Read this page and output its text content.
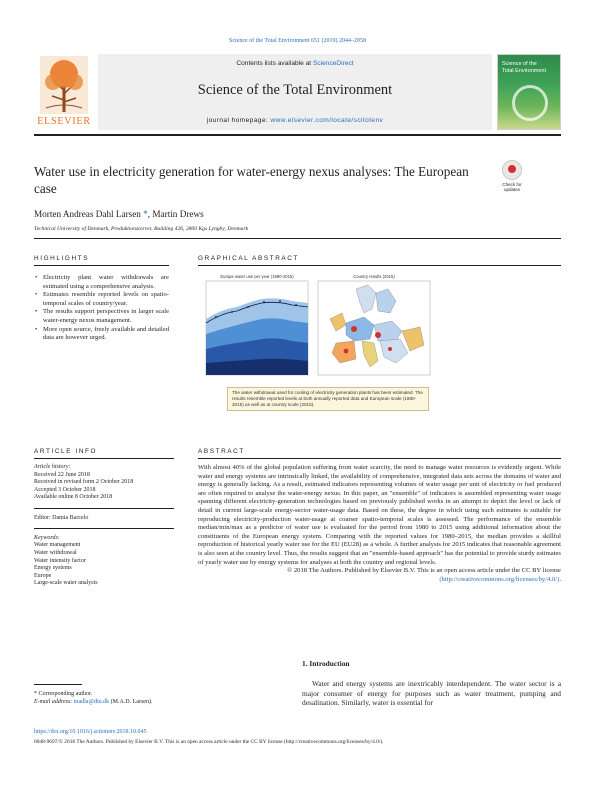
Science of the Total Environment 651 (2019) 2044–2058
ELSEVIER
Contents lists available at ScienceDirect
Science of the Total Environment
journal homepage: www.elsevier.com/locate/scitotenv
Science of the
Total Environment
Water use in electricity generation for water-energy nexus analyses: The European case	Check for
updates
Morten Andreas Dahl Larsen *, Martin Drews
Technical University of Denmark, Produktionstorvet, Building 426, 2800 Kgs Lyngby, Denmark
HIGHLIGHTS
• Electricity plant water withdrawals are estimated using a comprehensive analysis.
• Estimates resemble reported levels on spatio-temporal scales of country/year.
• The results support perspectives in larger scale water-energy nexus management.
• More open source, freely available and detailed data are however urged.
GRAPHICAL ABSTRACT
Europe water use per year (1980-2015)	Country results (2015)
The water withdrawal used for cooling of electricity generation plants has been estimated. The results resemble reported levels at both annually reported data and European scale (1980-2015) as well as at country scale (2015).
ARTICLE INFO
Article history:
Received 22 June 2018
Received in revised form 2 October 2018
Accepted 3 October 2018
Available online 8 October 2018
Editor: Damia Barcelo
Keywords:
Water management
Water withdrawal
Water intensity factor
Energy systems
Europe
Large-scale water analysis
ABSTRACT
With almost 40% of the global population suffering from water scarcity, the need to manage water resources is evidently urgent. While water and energy systems are intrinsically linked, the availability of comprehensive, integrated data sets across the domains of water and energy is generally lacking. As a result, estimated indicators representing volumes of water usage per unit of electricity or fuel produced are often required to analyse the water-energy nexus. In this paper, an "ensemble" of indicators is assembled representing water usage spanning different electricity-generation technologies based on previously published works in an attempt to depict the level or lack of detail in current large-scale energy-sector water-usage data. Based on these, the degree in which using such estimates is suitable for reproducing electricity-production water-usage at coarser spatio-temporal scales is assessed. The performance of the ensemble median/min/max as a predictor of water use is evaluated for the period from 1980 to 2015 using additional information about the constituents of the European energy system. Comparing with the reported values for 1980–2015, the median provides a skillful reproduction of historical yearly water use for the EU (EU28) as a whole. A further analysis for 2015 indicates that reasonable agreement is also seen at the country level. Thus, the results suggest that an "ensemble-based approach" has the potential to provide sturdy estimates of yearly water use by energy systems for analyses at both the country and regional levels.
© 2018 The Authors. Published by Elsevier B.V. This is an open access article under the CC BY license (http://creativecommons.org/licenses/by/4.0/).
1. Introduction
Water and energy systems are inextricably interdependent. The water sector is a major consumer of energy for purposes such as water treatment, pumping and desalination. Similarly, water is essential for
* Corresponding author.
E-mail address: madla@dtu.dk (M.A.D. Larsen).
https://doi.org/10.1016/j.scitotenv.2018.10.045
0048-9697/© 2018 The Authors. Published by Elsevier B.V. This is an open access article under the CC BY license (http://creativecommons.org/licenses/by/4.0/).
